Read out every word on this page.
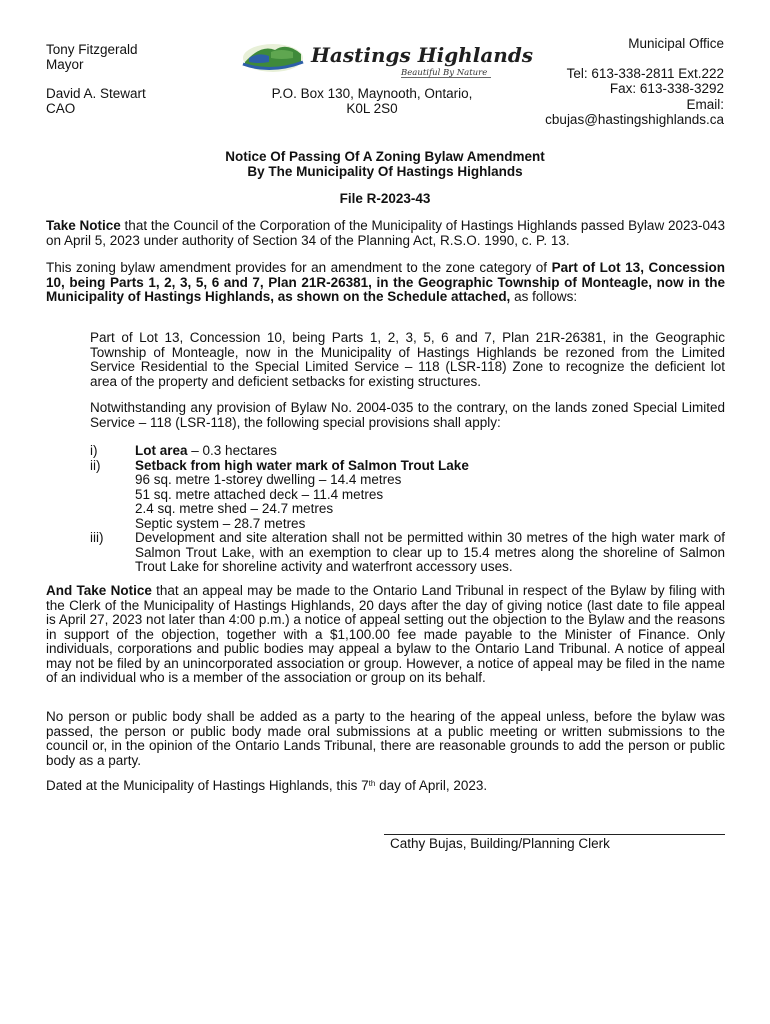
Tony Fitzgerald
Mayor
David A. Stewart
CAO
Hastings Highlands
Beautiful By Nature
P.O. Box 130, Maynooth, Ontario,
K0L 2S0
Municipal Office
Tel: 613-338-2811 Ext.222
Fax: 613-338-3292
Email:
cbujas@hastingshighlands.ca
Notice Of Passing Of A Zoning Bylaw Amendment
By The Municipality Of Hastings Highlands
File R-2023-43
Take Notice that the Council of the Corporation of the Municipality of Hastings Highlands passed Bylaw 2023-043 on April 5, 2023 under authority of Section 34 of the Planning Act, R.S.O. 1990, c. P. 13.
This zoning bylaw amendment provides for an amendment to the zone category of Part of Lot 13, Concession 10, being Parts 1, 2, 3, 5, 6 and 7, Plan 21R-26381, in the Geographic Township of Monteagle, now in the Municipality of Hastings Highlands, as shown on the Schedule attached, as follows:
Part of Lot 13, Concession 10, being Parts 1, 2, 3, 5, 6 and 7, Plan 21R-26381, in the Geographic Township of Monteagle, now in the Municipality of Hastings Highlands be rezoned from the Limited Service Residential to the Special Limited Service – 118 (LSR-118) Zone to recognize the deficient lot area of the property and deficient setbacks for existing structures.
Notwithstanding any provision of Bylaw No. 2004-035 to the contrary, on the lands zoned Special Limited Service – 118 (LSR-118), the following special provisions shall apply:
i)	Lot area – 0.3 hectares
ii)	Setback from high water mark of Salmon Trout Lake
96 sq. metre 1-storey dwelling – 14.4 metres
51 sq. metre attached deck – 11.4 metres
2.4 sq. metre shed – 24.7 metres
Septic system – 28.7 metres
iii)	Development and site alteration shall not be permitted within 30 metres of the high water mark of Salmon Trout Lake, with an exemption to clear up to 15.4 metres along the shoreline of Salmon Trout Lake for shoreline activity and waterfront accessory uses.
And Take Notice that an appeal may be made to the Ontario Land Tribunal in respect of the Bylaw by filing with the Clerk of the Municipality of Hastings Highlands, 20 days after the day of giving notice (last date to file appeal is April 27, 2023 not later than 4:00 p.m.) a notice of appeal setting out the objection to the Bylaw and the reasons in support of the objection, together with a $1,100.00 fee made payable to the Minister of Finance. Only individuals, corporations and public bodies may appeal a bylaw to the Ontario Land Tribunal. A notice of appeal may not be filed by an unincorporated association or group. However, a notice of appeal may be filed in the name of an individual who is a member of the association or group on its behalf.
No person or public body shall be added as a party to the hearing of the appeal unless, before the bylaw was passed, the person or public body made oral submissions at a public meeting or written submissions to the council or, in the opinion of the Ontario Lands Tribunal, there are reasonable grounds to add the person or public body as a party.
Dated at the Municipality of Hastings Highlands, this 7th day of April, 2023.
Cathy Bujas, Building/Planning Clerk
